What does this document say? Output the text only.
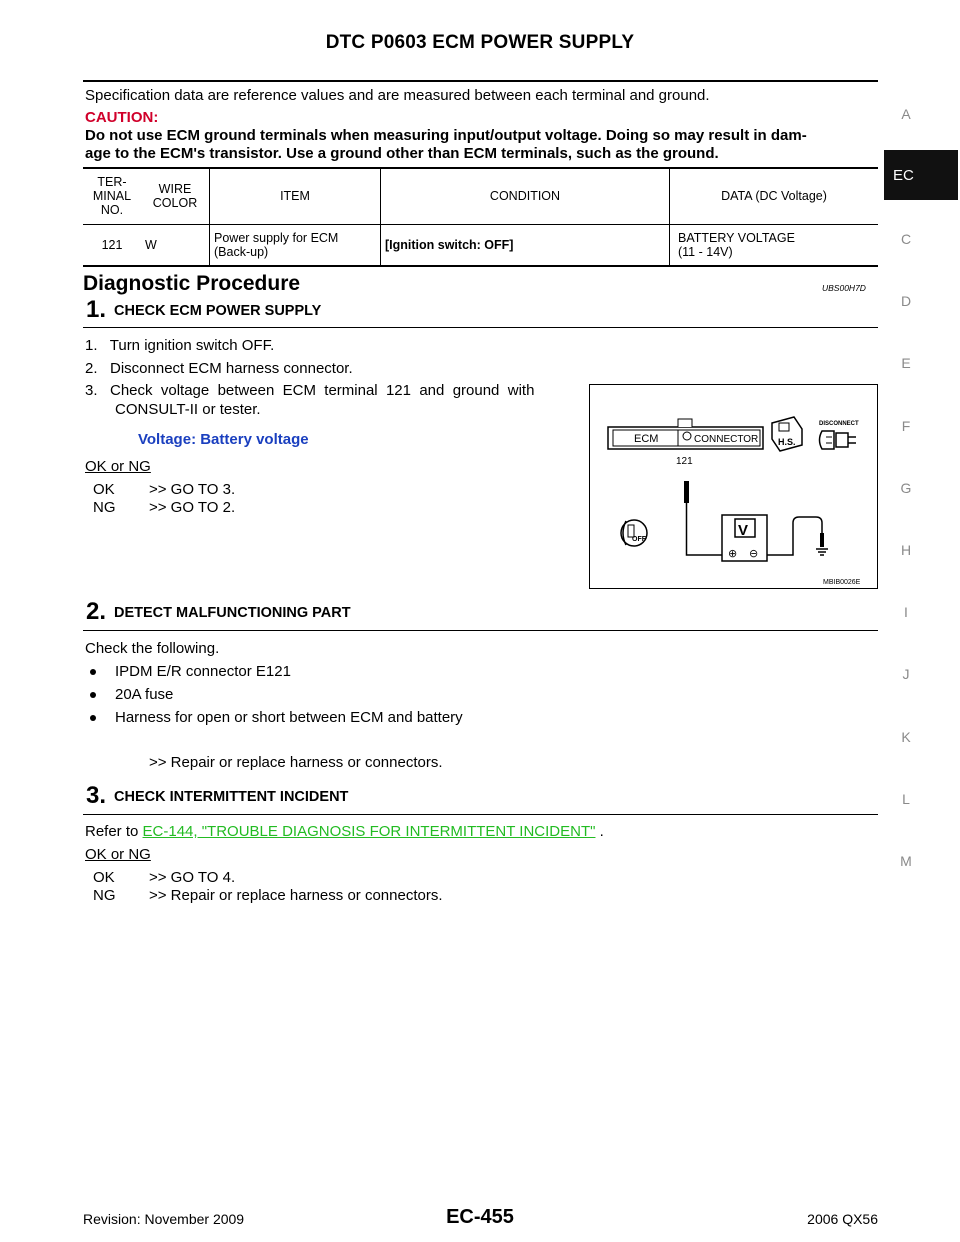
DTC P0603 ECM POWER SUPPLY
A
EC
C
D
E
F
G
H
I
J
K
L
M
Specification data are reference values and are measured between each terminal and ground.
CAUTION:
Do not use ECM ground terminals when measuring input/output voltage. Doing so may result in dam-
age to the ECM's transistor. Use a ground other than ECM terminals, such as the ground.
TER-
MINAL
NO.	WIRE
COLOR	ITEM	CONDITION	DATA (DC Voltage)
121	W	Power supply for ECM
(Back-up)	[Ignition switch: OFF]	BATTERY VOLTAGE
(11 - 14V)
Diagnostic Procedure	UBS00H7D
1. CHECK ECM POWER SUPPLY
1.   Turn ignition switch OFF.
2.   Disconnect ECM harness connector.
3.   Check  voltage  between  ECM  terminal  121  and  ground  with
CONSULT-II or tester.
Voltage: Battery voltage
OK or NG
OK >> GO TO 3.
NG >> GO TO 2.
ECM	CONNECTOR
121
V
⊕ ⊖
OFF
H.S.
DISCONNECT
MBIB0026E
2. DETECT MALFUNCTIONING PART
Check the following.
IPDM E/R connector E121
20A fuse
Harness for open or short between ECM and battery
>> Repair or replace harness or connectors.
3. CHECK INTERMITTENT INCIDENT
Refer to EC-144, "TROUBLE DIAGNOSIS FOR INTERMITTENT INCIDENT" .
OK or NG
OK >> GO TO 4.
NG >> Repair or replace harness or connectors.
Revision: November 2009	EC-455	2006 QX56
